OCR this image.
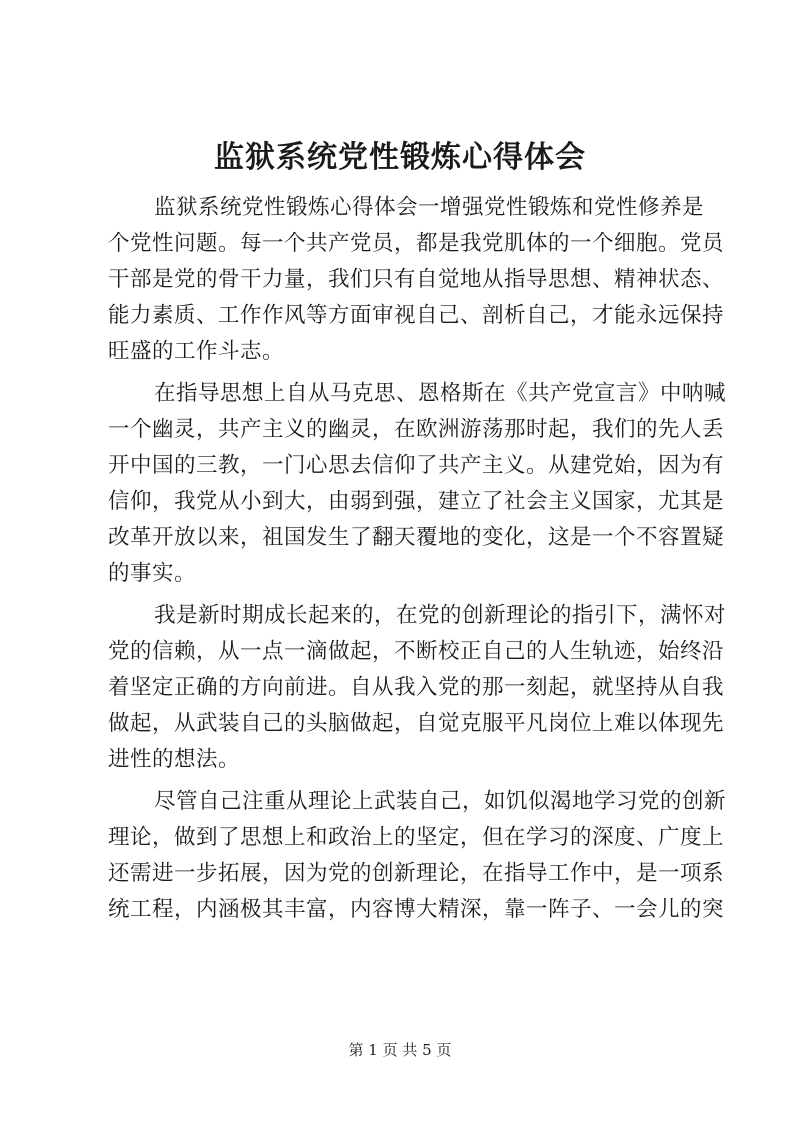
监狱系统党性锻炼心得体会

监狱系统党性锻炼心得体会一增强党性锻炼和党性修养是
个党性问题。每一个共产党员，都是我党肌体的一个细胞。党员
干部是党的骨干力量，我们只有自觉地从指导思想、精神状态、
能力素质、工作作风等方面审视自己、剖析自己，才能永远保持
旺盛的工作斗志。

在指导思想上自从马克思、恩格斯在《共产党宣言》中呐喊
一个幽灵，共产主义的幽灵，在欧洲游荡那时起，我们的先人丢
开中国的三教，一门心思去信仰了共产主义。从建党始，因为有
信仰，我党从小到大，由弱到强，建立了社会主义国家，尤其是
改革开放以来，祖国发生了翻天覆地的变化，这是一个不容置疑
的事实。

我是新时期成长起来的，在党的创新理论的指引下，满怀对
党的信赖，从一点一滴做起，不断校正自己的人生轨迹，始终沿
着坚定正确的方向前进。自从我入党的那一刻起，就坚持从自我
做起，从武装自己的头脑做起，自觉克服平凡岗位上难以体现先
进性的想法。

尽管自己注重从理论上武装自己，如饥似渴地学习党的创新
理论，做到了思想上和政治上的坚定，但在学习的深度、广度上
还需进一步拓展，因为党的创新理论，在指导工作中，是一项系
统工程，内涵极其丰富，内容博大精深，靠一阵子、一会儿的突

第 1 页 共 5 页
